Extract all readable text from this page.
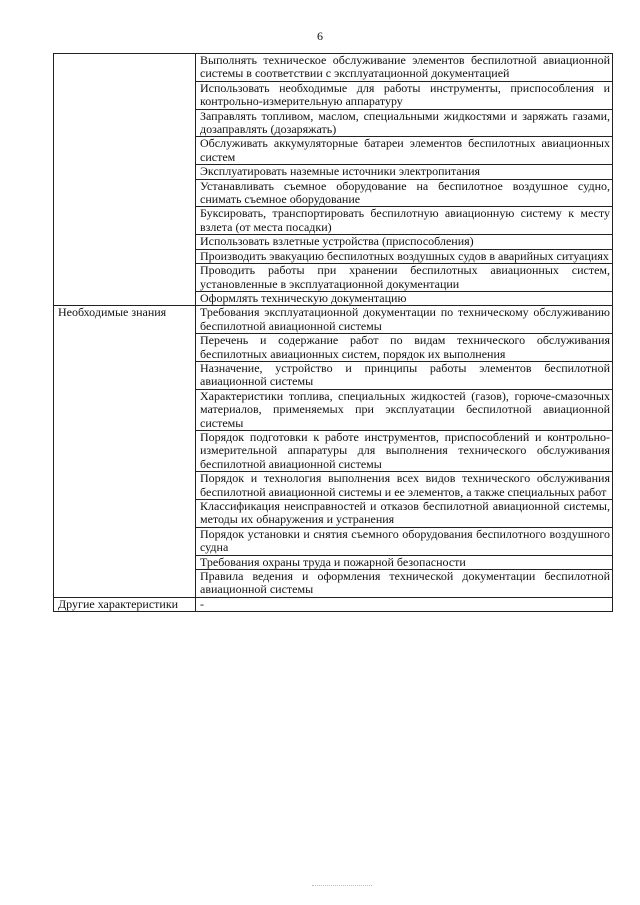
6
	Выполнять техническое обслуживание элементов беспилотной авиационной системы в соответствии с эксплуатационной документацией
	Использовать необходимые для работы инструменты, приспособления и контрольно-измерительную аппаратуру
	Заправлять топливом, маслом, специальными жидкостями и заряжать газами, дозаправлять (дозаряжать)
	Обслуживать аккумуляторные батареи элементов беспилотных авиационных систем
	Эксплуатировать наземные источники электропитания
	Устанавливать съемное оборудование на беспилотное воздушное судно, снимать съемное оборудование
	Буксировать, транспортировать беспилотную авиационную систему к месту взлета (от места посадки)
	Использовать взлетные устройства (приспособления)
	Производить эвакуацию беспилотных воздушных судов в аварийных ситуациях
	Проводить работы при хранении беспилотных авиационных систем, установленные в эксплуатационной документации
	Оформлять техническую документацию
Необходимые знания	Требования эксплуатационной документации по техническому обслуживанию беспилотной авиационной системы
	Перечень и содержание работ по видам технического обслуживания беспилотных авиационных систем, порядок их выполнения
	Назначение, устройство и принципы работы элементов беспилотной авиационной системы
	Характеристики топлива, специальных жидкостей (газов), горюче-смазочных материалов, применяемых при эксплуатации беспилотной авиационной системы
	Порядок подготовки к работе инструментов, приспособлений и контрольно-измерительной аппаратуры для выполнения технического обслуживания беспилотной авиационной системы
	Порядок и технология выполнения всех видов технического обслуживания беспилотной авиационной системы и ее элементов, а также специальных работ
	Классификация неисправностей и отказов беспилотной авиационной системы, методы их обнаружения и устранения
	Порядок установки и снятия съемного оборудования беспилотного воздушного судна
	Требования охраны труда и пожарной безопасности
	Правила ведения и оформления технической документации беспилотной авиационной системы
Другие характеристики	-
